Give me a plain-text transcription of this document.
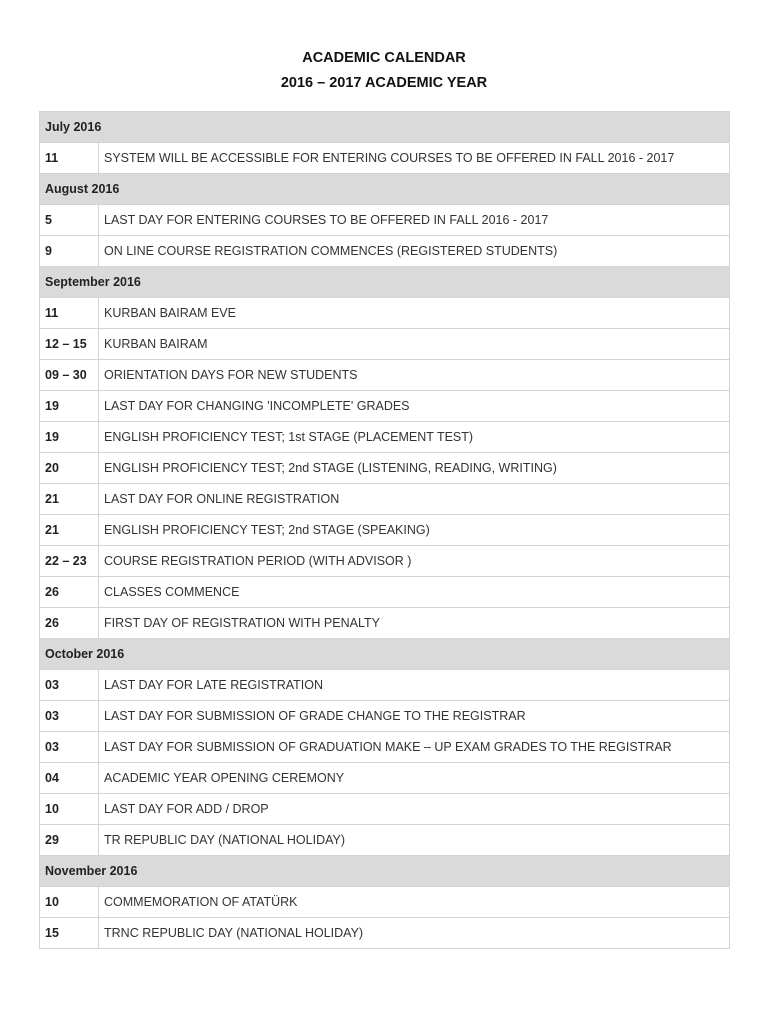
ACADEMIC CALENDAR
2016 – 2017 ACADEMIC YEAR
July 2016	
11	SYSTEM WILL BE ACCESSIBLE FOR ENTERING COURSES TO BE OFFERED IN FALL 2016 - 2017
August 2016	
5	LAST DAY FOR ENTERING COURSES TO BE OFFERED IN FALL 2016 - 2017
9	ON LINE COURSE REGISTRATION COMMENCES (REGISTERED STUDENTS)
September 2016	
11	KURBAN BAIRAM EVE
12 – 15	KURBAN BAIRAM
09 – 30	ORIENTATION DAYS FOR NEW STUDENTS
19	LAST DAY FOR CHANGING 'INCOMPLETE' GRADES
19	ENGLISH PROFICIENCY TEST; 1st STAGE (PLACEMENT TEST)
20	ENGLISH PROFICIENCY TEST; 2nd STAGE (LISTENING, READING, WRITING)
21	LAST DAY FOR ONLINE REGISTRATION
21	ENGLISH PROFICIENCY TEST; 2nd STAGE (SPEAKING)
22 – 23	COURSE REGISTRATION PERIOD (WITH ADVISOR )
26	CLASSES COMMENCE
26	FIRST DAY OF REGISTRATION WITH PENALTY
October 2016	
03	LAST DAY FOR LATE REGISTRATION
03	LAST DAY FOR SUBMISSION OF GRADE CHANGE TO THE REGISTRAR
03	LAST DAY FOR SUBMISSION OF GRADUATION MAKE – UP EXAM GRADES TO THE REGISTRAR
04	ACADEMIC YEAR OPENING CEREMONY
10	LAST DAY FOR ADD / DROP
29	TR REPUBLIC DAY (NATIONAL HOLIDAY)
November 2016	
10	COMMEMORATION OF ATATÜRK
15	TRNC REPUBLIC DAY (NATIONAL HOLIDAY)
